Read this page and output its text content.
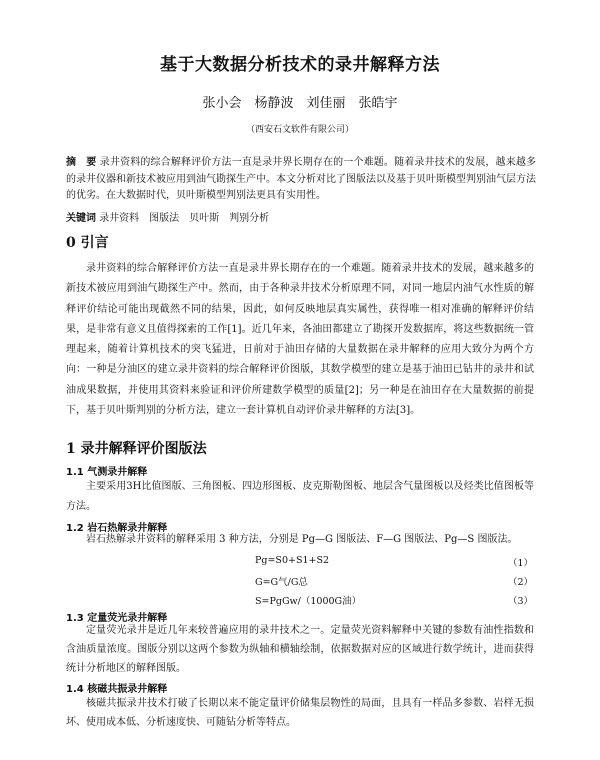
基于大数据分析技术的录井解释方法
张小会　杨静波　刘佳丽　张皓宇
（西安石文软件有限公司）
摘　要 录井资料的综合解释评价方法一直是录井界长期存在的一个难题。随着录井技术的发展，越来越多的录井仪器和新技术被应用到油气勘探生产中。本文分析对比了图版法以及基于贝叶斯模型判别油气层方法的优劣。在大数据时代，贝叶斯模型判别法更具有实用性。
关键词 录井资料　图版法　贝叶斯　判别分析
0 引言
录井资料的综合解释评价方法一直是录井界长期存在的一个难题。随着录井技术的发展，越来越多的新技术被应用到油气勘探生产中。然而，由于各种录井技术分析原理不同，对同一地层内油气水性质的解释评价结论可能出现截然不同的结果，因此，如何反映地层真实属性，获得唯一相对准确的解释评价结果，是非常有意义且值得探索的工作[1]。近几年来，各油田都建立了勘探开发数据库，将这些数据统一管理起来，随着计算机技术的突飞猛进，日前对于油田存储的大量数据在录井解释的应用大致分为两个方向：一种是分油区的建立录井资料的综合解释评价图版，其数学模型的建立是基于油田已钻井的录井和试油成果数据，并使用其资料来验证和评价所建数学模型的质量[2]；另一种是在油田存在大量数据的前提下，基于贝叶斯判别的分析方法，建立一套计算机自动评价录井解释的方法[3]。
1 录井解释评价图版法
1.1 气测录井解释
主要采用3H比值图版、三角图板、四边形图板、皮克斯勒图板、地层含气量图板以及烃类比值图板等方法。
1.2 岩石热解录井解释
岩石热解录井资料的解释采用 3 种方法，分别是 Pg—G 图版法、F—G 图版法、Pg—S 图版法。
Pg=S0+S1+S2	（1）
G=G气/G总	（2）
S=PgGw/（1000G油）	（3）
1.3 定量荧光录井解释
定量荧光录井是近几年来较普遍应用的录井技术之一。定量荧光资料解释中关键的参数有油性指数和含油质量浓度。图版分别以这两个参数为纵轴和横轴绘制，依据数据对应的区域进行数学统计，进而获得统计分析地区的解释图版。
1.4 核磁共振录井解释
核磁共振录井技术打破了长期以来不能定量评价储集层物性的局面，且具有一样品多参数、岩样无损坏、使用成本低、分析速度快、可随钻分析等特点。
